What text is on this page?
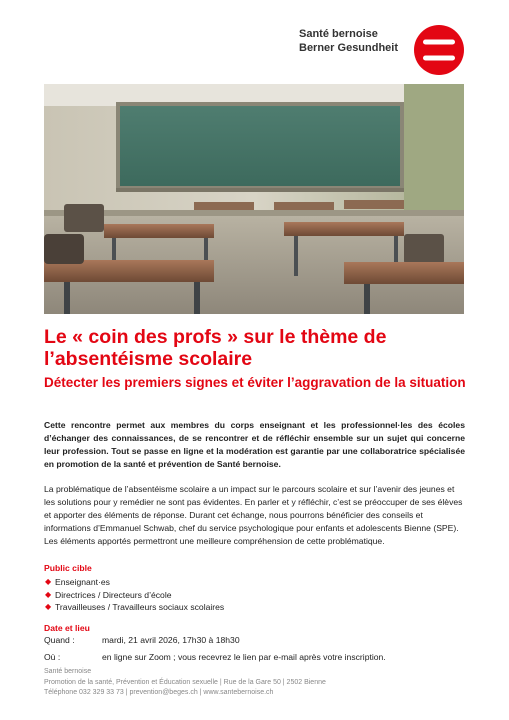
Santé bernoise
Berner Gesundheit
Le « coin des profs » sur le thème de l’absentéisme scolaire
Détecter les premiers signes et éviter l’aggravation de la situation

Cette rencontre permet aux membres du corps enseignant et les professionnel·les des écoles d’échanger des connaissances, de se rencontrer et de réfléchir ensemble sur un sujet qui concerne leur profession. Tout se passe en ligne et la modération est garantie par une collaboratrice spécialisée en promotion de la santé et prévention de Santé bernoise.

La problématique de l’absentéisme scolaire a un impact sur le parcours scolaire et sur l’avenir des jeunes et les solutions pour y remédier ne sont pas évidentes. En parler et y réfléchir, c’est se préoccuper de ses élèves et apporter des éléments de réponse. Durant cet échange, nous pourrons bénéficier des conseils et informations d’Emmanuel Schwab, chef du service psychologique pour enfants et adolescents Bienne (SPE). Les éléments apportés permettront une meilleure compréhension de cette problématique.

Public cible
◆ Enseignant·es
◆ Directrices / Directeurs d’école
◆ Travailleuses / Travailleurs sociaux scolaires
Date et lieu
Quand :	mardi, 21 avril 2026, 17h30 à 18h30
Où :	en ligne sur Zoom ; vous recevrez le lien par e-mail après votre inscription.
Santé bernoise
Promotion de la santé, Prévention et Éducation sexuelle | Rue de la Gare 50 | 2502 Bienne
Téléphone 032 329 33 73 | prevention@beges.ch | www.santebernoise.ch
